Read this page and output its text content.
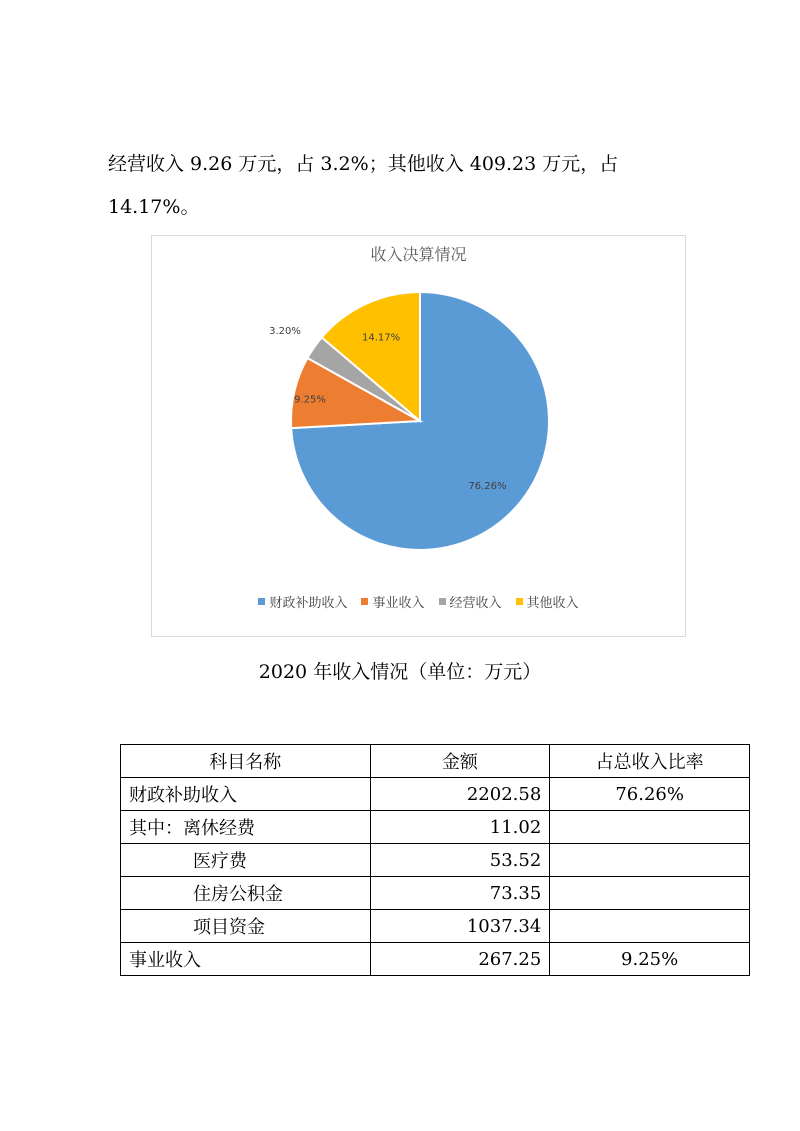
经营收入 9.26 万元，占 3.2%；其他收入 409.23 万元，占
14.17%。
收入决算情况
76.26%
9.25%
3.20%
14.17%
财政补助收入 事业收入 经营收入 其他收入
2020 年收入情况（单位：万元）
科目名称	金额	占总收入比率
财政补助收入	2202.58	76.26%
其中：离休经费	11.02	
医疗费	53.52	
住房公积金	73.35	
项目资金	1037.34	
事业收入	267.25	9.25%
